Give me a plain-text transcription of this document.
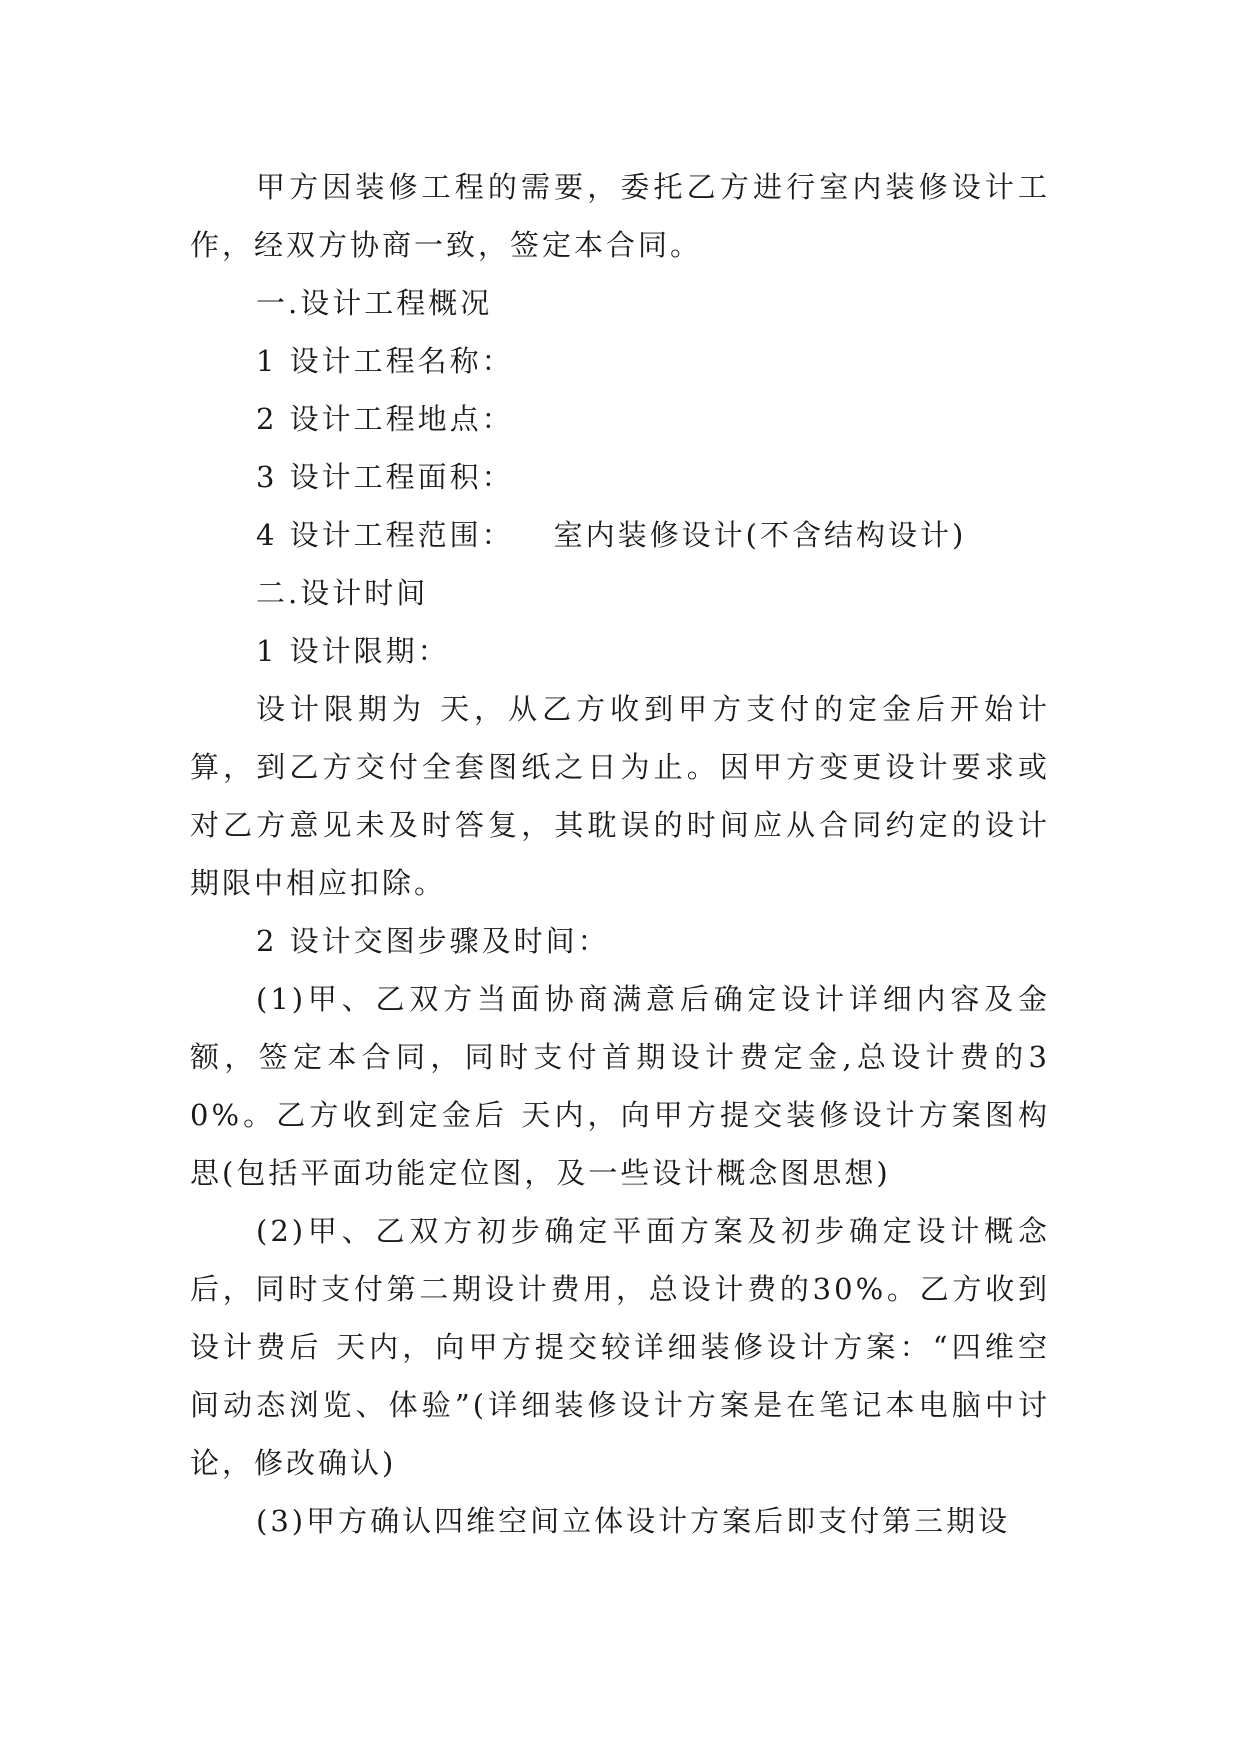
甲方因装修工程的需要，委托乙方进行室内装修设计工作，经双方协商一致，签定本合同。

一.设计工程概况

1 设计工程名称：

2 设计工程地点：

3 设计工程面积：

4 设计工程范围： 室内装修设计(不含结构设计)

二.设计时间

1 设计限期：

设计限期为 天，从乙方收到甲方支付的定金后开始计算，到乙方交付全套图纸之日为止。因甲方变更设计要求或对乙方意见未及时答复，其耽误的时间应从合同约定的设计期限中相应扣除。

2 设计交图步骤及时间：

(1)甲、乙双方当面协商满意后确定设计详细内容及金额，签定本合同，同时支付首期设计费定金,总设计费的30%。乙方收到定金后 天内，向甲方提交装修设计方案图构思(包括平面功能定位图，及一些设计概念图思想)

(2)甲、乙双方初步确定平面方案及初步确定设计概念后，同时支付第二期设计费用，总设计费的30%。乙方收到设计费后 天内，向甲方提交较详细装修设计方案：“四维空间动态浏览、体验”(详细装修设计方案是在笔记本电脑中讨论，修改确认)

(3)甲方确认四维空间立体设计方案后即支付第三期设
